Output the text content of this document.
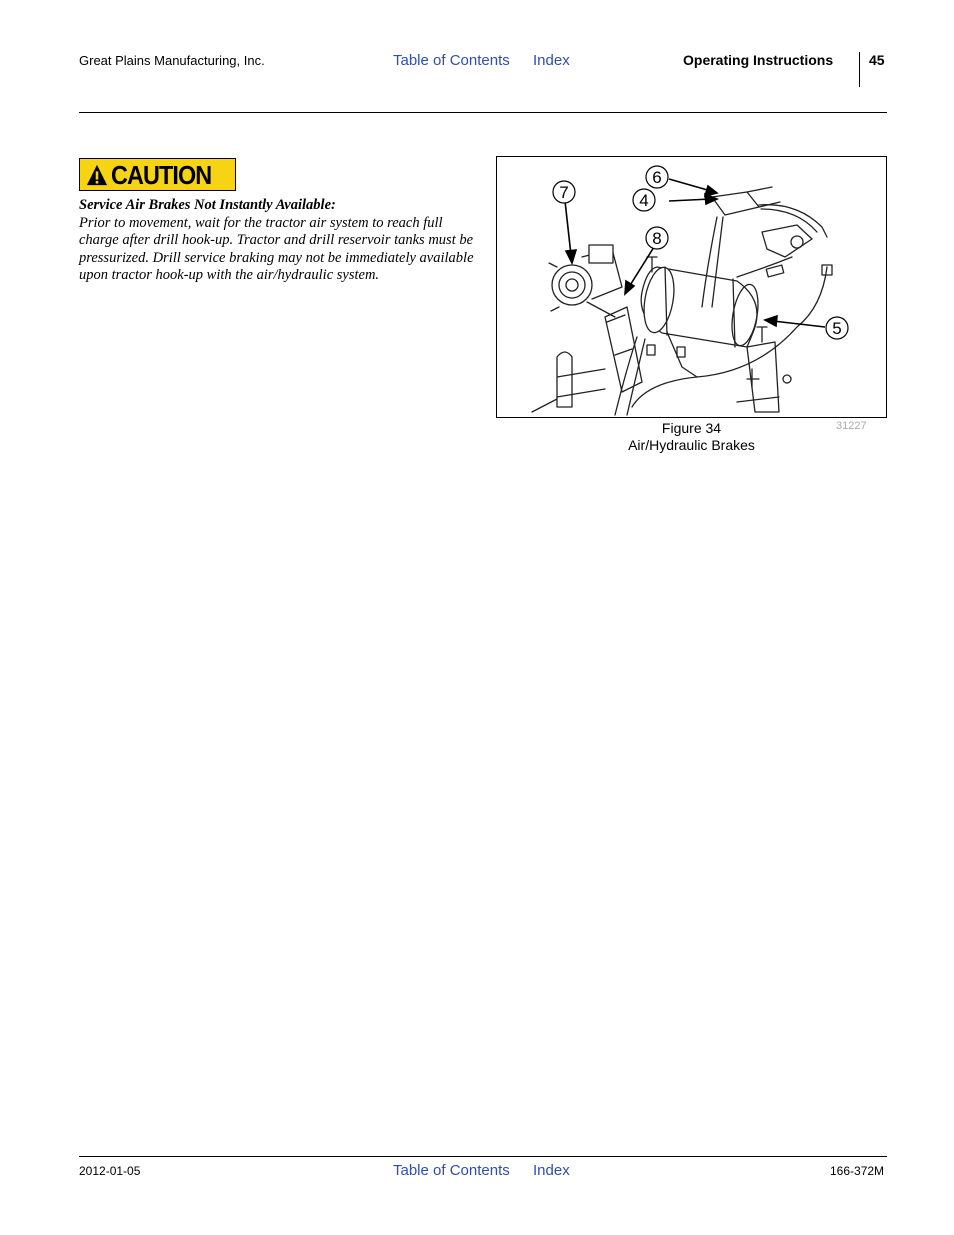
Great Plains Manufacturing, Inc.	Table of Contents Index	Operating Instructions	45
CAUTION
Service Air Brakes Not Instantly Available:
Prior to movement, wait for the tractor air system to reach full charge after drill hook-up. Tractor and drill reservoir tanks must be pressurized. Drill service braking may not be immediately available upon tractor hook-up with the air/hydraulic system.
6
4
7
8
5
31227
Figure 34
Air/Hydraulic Brakes
2012-01-05	Table of Contents Index	166-372M
